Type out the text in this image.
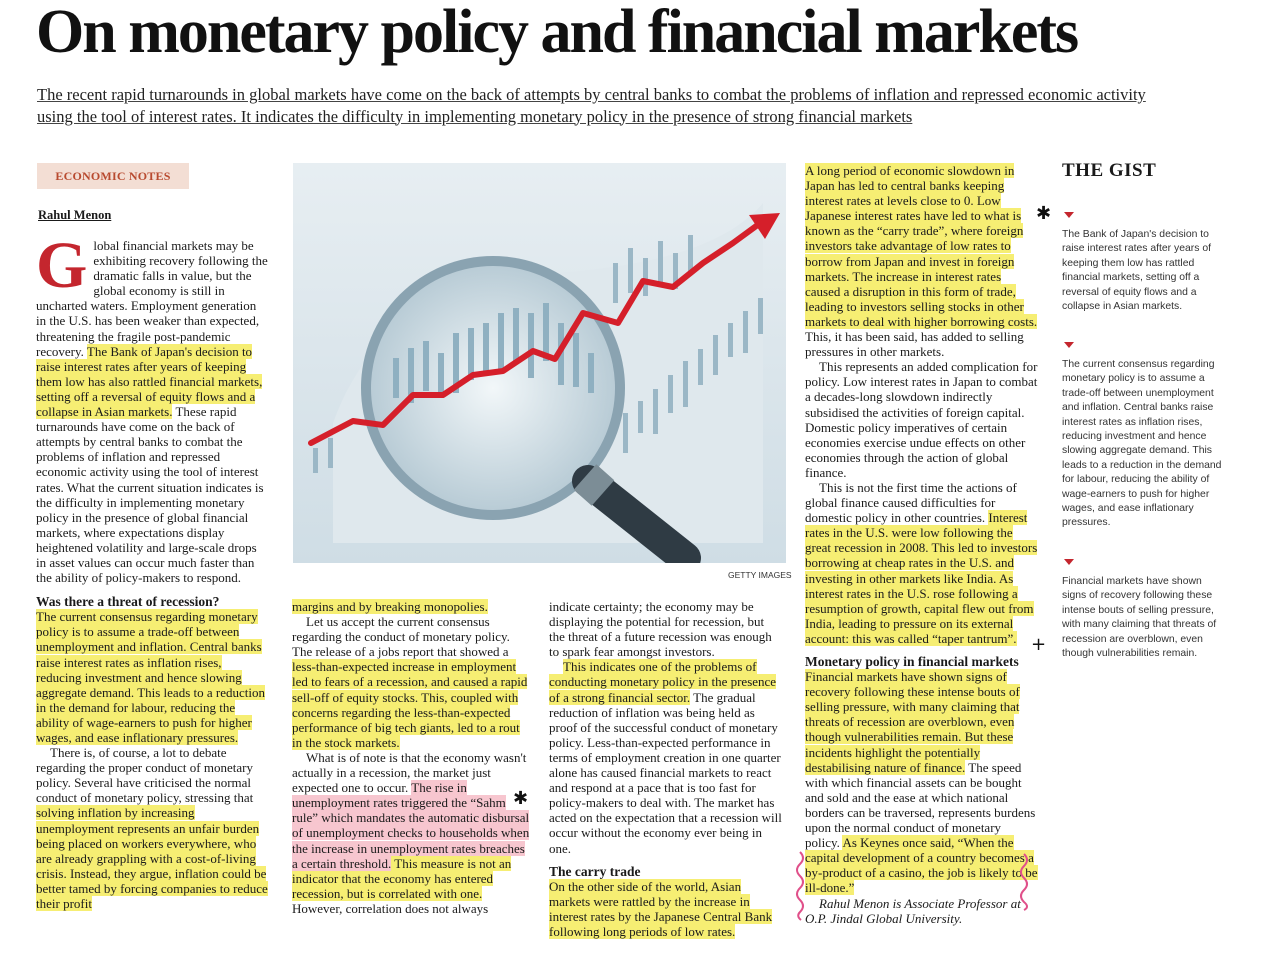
On monetary policy and financial markets

The recent rapid turnarounds in global markets have come on the back of attempts by central banks to combat the problems of inflation and repressed economic activity using the tool of interest rates. It indicates the difficulty in implementing monetary policy in the presence of strong financial markets

ECONOMIC NOTES
Rahul Menon

Global financial markets may be exhibiting recovery following the dramatic falls in value, but the global economy is still in uncharted waters. Employment generation in the U.S. has been weaker than expected, threatening the fragile post-pandemic recovery. The Bank of Japan's decision to raise interest rates after years of keeping them low has also rattled financial markets, setting off a reversal of equity flows and a collapse in Asian markets. These rapid turnarounds have come on the back of attempts by central banks to combat the problems of inflation and repressed economic activity using the tool of interest rates. What the current situation indicates is the difficulty in implementing monetary policy in the presence of global financial markets, where expectations display heightened volatility and large-scale drops in asset values can occur much faster than the ability of policy-makers to respond.

Was there a threat of recession?

The current consensus regarding monetary policy is to assume a trade-off between unemployment and inflation. Central banks raise interest rates as inflation rises, reducing investment and hence slowing aggregate demand. This leads to a reduction in the demand for labour, reducing the ability of wage-earners to push for higher wages, and ease inflationary pressures.

There is, of course, a lot to debate regarding the proper conduct of monetary policy. Several have criticised the normal conduct of monetary policy, stressing that solving inflation by increasing unemployment represents an unfair burden being placed on workers everywhere, who are already grappling with a cost-of-living crisis. Instead, they argue, inflation could be better tamed by forcing companies to reduce their profit

GETTY IMAGES

margins and by breaking monopolies.

Let us accept the current consensus regarding the conduct of monetary policy. The release of a jobs report that showed a less-than-expected increase in employment led to fears of a recession, and caused a rapid sell-off of equity stocks. This, coupled with concerns regarding the less-than-expected performance of big tech giants, led to a rout in the stock markets.

What is of note is that the economy wasn't actually in a recession, the market just expected one to occur. The rise in unemployment rates triggered the “Sahm rule” which mandates the automatic disbursal of unemployment checks to households when the increase in unemployment rates breaches a certain threshold. This measure is not an indicator that the economy has entered recession, but is correlated with one. However, correlation does not always

indicate certainty; the economy may be displaying the potential for recession, but the threat of a future recession was enough to spark fear amongst investors.

This indicates one of the problems of conducting monetary policy in the presence of a strong financial sector. The gradual reduction of inflation was being held as proof of the successful conduct of monetary policy. Less-than-expected performance in terms of employment creation in one quarter alone has caused financial markets to react and respond at a pace that is too fast for policy-makers to deal with. The market has acted on the expectation that a recession will occur without the economy ever being in one.

The carry trade

On the other side of the world, Asian markets were rattled by the increase in interest rates by the Japanese Central Bank following long periods of low rates.

A long period of economic slowdown in Japan has led to central banks keeping interest rates at levels close to 0. Low Japanese interest rates have led to what is known as the “carry trade”, where foreign investors take advantage of low rates to borrow from Japan and invest in foreign markets. The increase in interest rates caused a disruption in this form of trade, leading to investors selling stocks in other markets to deal with higher borrowing costs. This, it has been said, has added to selling pressures in other markets.

This represents an added complication for policy. Low interest rates in Japan to combat a decades-long slowdown indirectly subsidised the activities of foreign capital. Domestic policy imperatives of certain economies exercise undue effects on other economies through the action of global finance.

This is not the first time the actions of global finance caused difficulties for domestic policy in other countries. Interest rates in the U.S. were low following the great recession in 2008. This led to investors borrowing at cheap rates in the U.S. and investing in other markets like India. As interest rates in the U.S. rose following a resumption of growth, capital flew out from India, leading to pressure on its external account: this was called “taper tantrum”.

Monetary policy in financial markets

Financial markets have shown signs of recovery following these intense bouts of selling pressure, with many claiming that threats of recession are overblown, even though vulnerabilities remain. But these incidents highlight the potentially destabilising nature of finance. The speed with which financial assets can be bought and sold and the ease at which national borders can be traversed, represents burdens upon the normal conduct of monetary policy. As Keynes once said, “When the capital development of a country becomes a by-product of a casino, the job is likely to be ill-done.”

Rahul Menon is Associate Professor at O.P. Jindal Global University.

THE GIST
The Bank of Japan's decision to raise interest rates after years of keeping them low has rattled financial markets, setting off a reversal of equity flows and a collapse in Asian markets.
The current consensus regarding monetary policy is to assume a trade-off between unemployment and inflation. Central banks raise interest rates as inflation rises, reducing investment and hence slowing aggregate demand. This leads to a reduction in the demand for labour, reducing the ability of wage-earners to push for higher wages, and ease inflationary pressures.
Financial markets have shown signs of recovery following these intense bouts of selling pressure, with many claiming that threats of recession are overblown, even though vulnerabilities remain.
✱
+
✱
